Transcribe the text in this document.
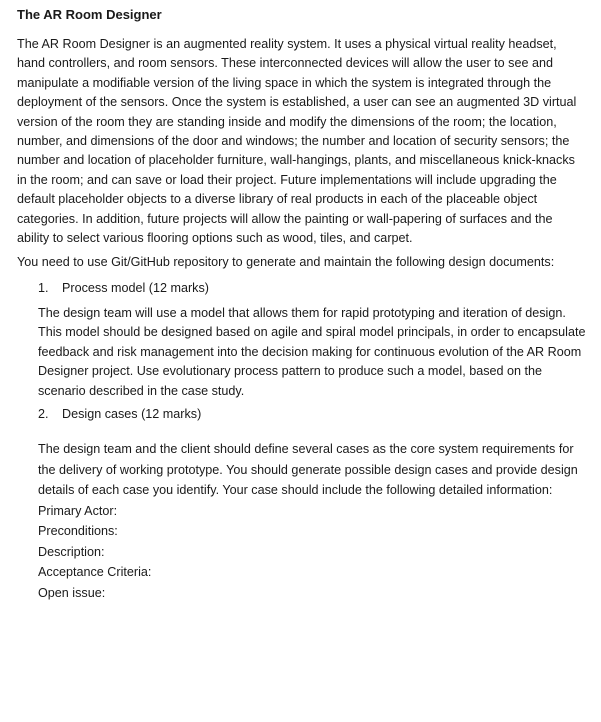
The AR Room Designer

The AR Room Designer is an augmented reality system. It uses a physical virtual reality headset, hand controllers, and room sensors. These interconnected devices will allow the user to see and manipulate a modifiable version of the living space in which the system is integrated through the deployment of the sensors. Once the system is established, a user can see an augmented 3D virtual version of the room they are standing inside and modify the dimensions of the room; the location, number, and dimensions of the door and windows; the number and location of security sensors; the number and location of placeholder furniture, wall-hangings, plants, and miscellaneous knick-knacks in the room; and can save or load their project. Future implementations will include upgrading the default placeholder objects to a diverse library of real products in each of the placeable object categories. In addition, future projects will allow the painting or wall-papering of surfaces and the ability to select various flooring options such as wood, tiles, and carpet.

You need to use Git/GitHub repository to generate and maintain the following design documents:

1.	Process model (12 marks)
The design team will use a model that allows them for rapid prototyping and iteration of design. This model should be designed based on agile and spiral model principals, in order to encapsulate feedback and risk management into the decision making for continuous evolution of the AR Room Designer project. Use evolutionary process pattern to produce such a model, based on the scenario described in the case study.
2.	Design cases (12 marks)
The design team and the client should define several cases as the core system requirements for the delivery of working prototype. You should generate possible design cases and provide design details of each case you identify. Your case should include the following detailed information:
Primary Actor:
Preconditions:
Description:
Acceptance Criteria:
Open issue:
